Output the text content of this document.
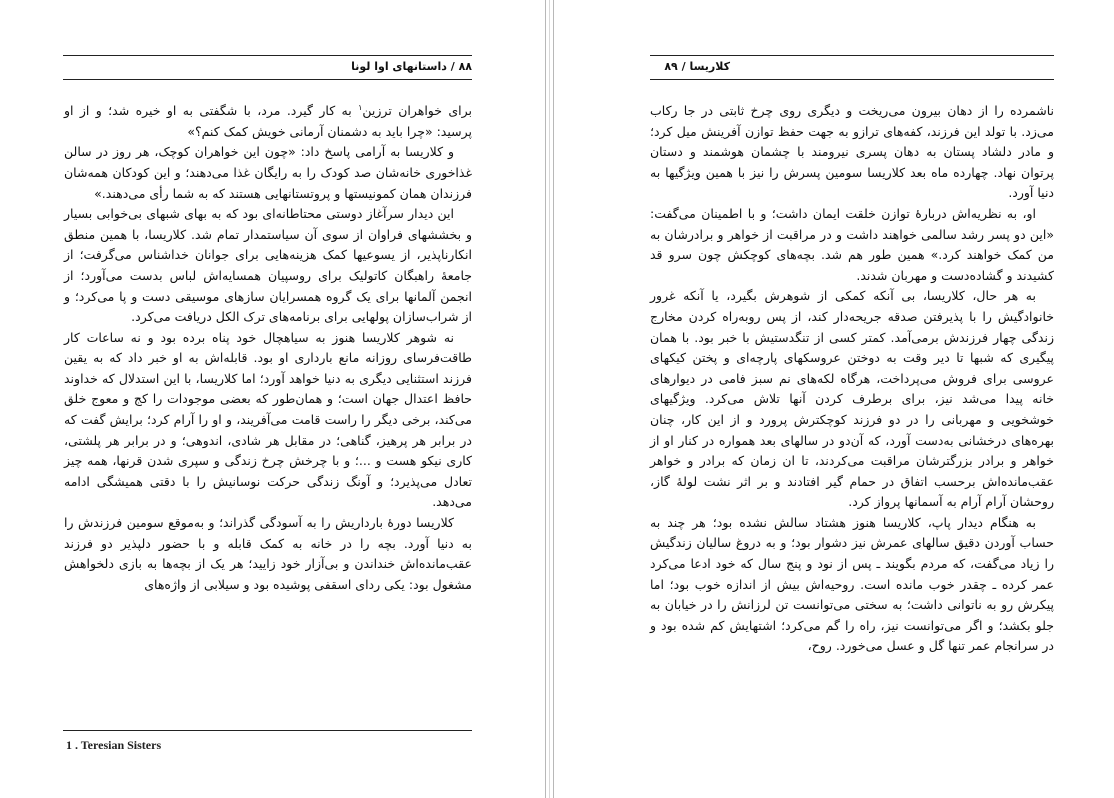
۸۸ / داستانهای اوا لونا

برای خواهران ترزین$^۱$ به کار گیرد. مرد، با شگفتی به او خیره شد؛ و از او پرسید: «چرا باید به دشمنان آرمانی خویش کمک کنم؟»

و کلاریسا به آرامی پاسخ داد: «چون این خواهران کوچک، هر روز در سالن غذاخوری خانه‌شان صد کودک را به رایگان غذا می‌دهند؛ و این کودکان همه‌شان فرزندان همان کمونیستها و پروتستانهایی هستند که به شما رأی می‌دهند.»

این دیدار سرآغاز دوستی محتاطانه‌ای بود که به بهای شبهای بی‌خوابی بسیار و بخششهای فراوان از سوی آن سیاستمدار تمام شد. کلاریسا، با همین منطق انکارناپذیر، از یسوعیها کمک هزینه‌هایی برای جوانان خداشناس می‌گرفت؛ از جامعهٔ راهبگان کاتولیک برای روسپیان همسایه‌اش لباس بدست می‌آورد؛ از انجمن آلمانها برای یک گروه همسرایان سازهای موسیقی دست و پا می‌کرد؛ و از شراب‌سازان پولهایی برای برنامه‌های ترک الکل دریافت می‌کرد.

نه شوهر کلاریسا هنوز به سیاهچال خود پناه برده بود و نه ساعات کار طاقت‌فرسای روزانه مانع بارداری او بود. قابله‌اش به او خبر داد که به یقین فرزند استثنایی دیگری به دنیا خواهد آورد؛ اما کلاریسا، با این استدلال که خداوند حافظ اعتدال جهان است؛ و همان‌طور که بعضی موجودات را کج و معوج خلق می‌کند، برخی دیگر را راست قامت می‌آفریند، و او را آرام کرد؛ برایش گفت که در برابر هر پرهیز، گناهی؛ در مقابل هر شادی، اندوهی؛ و در برابر هر پلشتی، کاری نیکو هست و ...؛ و با چرخش چرخ زندگی و سپری شدن قرنها، همه چیز تعادل می‌پذیرد؛ و آونگ زندگی حرکت نوسانیش را با دقتی همیشگی ادامه می‌دهد.

کلاریسا دورهٔ بارداریش را به آسودگی گذراند؛ و به‌موقع سومین فرزندش را به دنیا آورد. بچه را در خانه به کمک قابله و با حضور دلپذیر دو فرزند عقب‌مانده‌اش خنداندن و بی‌آزار خود زایید؛ هر یک از بچه‌ها به بازی دلخواهش مشغول بود: یکی ردای اسقفی پوشیده بود و سیلابی از واژه‌های

1 . Teresian Sisters
کلاریسا / ۸۹

ناشمرده را از دهان بیرون می‌ریخت و دیگری روی چرخ ثابتی در جا رکاب می‌زد. با تولد این فرزند، کفه‌های ترازو به جهت حفظ توازن آفرینش میل کرد؛ و مادر دلشاد پستان به دهان پسری نیرومند با چشمان هوشمند و دستان پرتوان نهاد. چهارده ماه بعد کلاریسا سومین پسرش را نیز با همین ویژگیها به دنیا آورد.

او، به نظریه‌اش دربارهٔ توازن خلقت ایمان داشت؛ و با اطمینان می‌گفت: «این دو پسر رشد سالمی خواهند داشت و در مراقبت از خواهر و برادرشان به من کمک خواهند کرد.» همین طور هم شد. بچه‌های کوچکش چون سرو قد کشیدند و گشاده‌دست و مهربان شدند.

به هر حال، کلاریسا، بی آنکه کمکی از شوهرش بگیرد، یا آنکه غرور خانوادگیش را با پذیرفتن صدقه جریحه‌دار کند، از پس روبه‌راه کردن مخارج زندگی چهار فرزندش برمی‌آمد. کمتر کسی از تنگدستیش با خبر بود. با همان پیگیری که شبها تا دیر وقت به دوختن عروسکهای پارچه‌ای و پختن کیکهای عروسی برای فروش می‌پرداخت، هرگاه لکه‌های نم سبز فامی در دیوارهای خانه پیدا می‌شد نیز، برای برطرف کردن آنها تلاش می‌کرد. ویژگیهای خوشخویی و مهربانی را در دو فرزند کوچکترش پرورد و از این کار، چنان بهره‌های درخشانی به‌دست آورد، که آن‌دو در سالهای بعد همواره در کنار او از خواهر و برادر بزرگترشان مراقبت می‌کردند، تا ان زمان که برادر و خواهر عقب‌مانده‌اش برحسب اتفاق در حمام گیر افتادند و بر اثر نشت لولهٔ گاز، روحشان آرام آرام به آسمانها پرواز کرد.

به هنگام دیدار پاپ، کلاریسا هنوز هشتاد سالش نشده بود؛ هر چند به حساب آوردن دقیق سالهای عمرش نیز دشوار بود؛ و به دروغ سالیان زندگیش را زیاد می‌گفت، که مردم بگویند ـ پس از نود و پنج سال که خود ادعا می‌کرد عمر کرده ـ چقدر خوب مانده است. روحیه‌اش بیش از اندازه خوب بود؛ اما پیکرش رو به ناتوانی داشت؛ به سختی می‌توانست تن لرزانش را در خیابان به جلو بکشد؛ و اگر می‌توانست نیز، راه را گم می‌کرد؛ اشتهایش کم شده بود و در سرانجام عمر تنها گل و عسل می‌خورد. روح،
